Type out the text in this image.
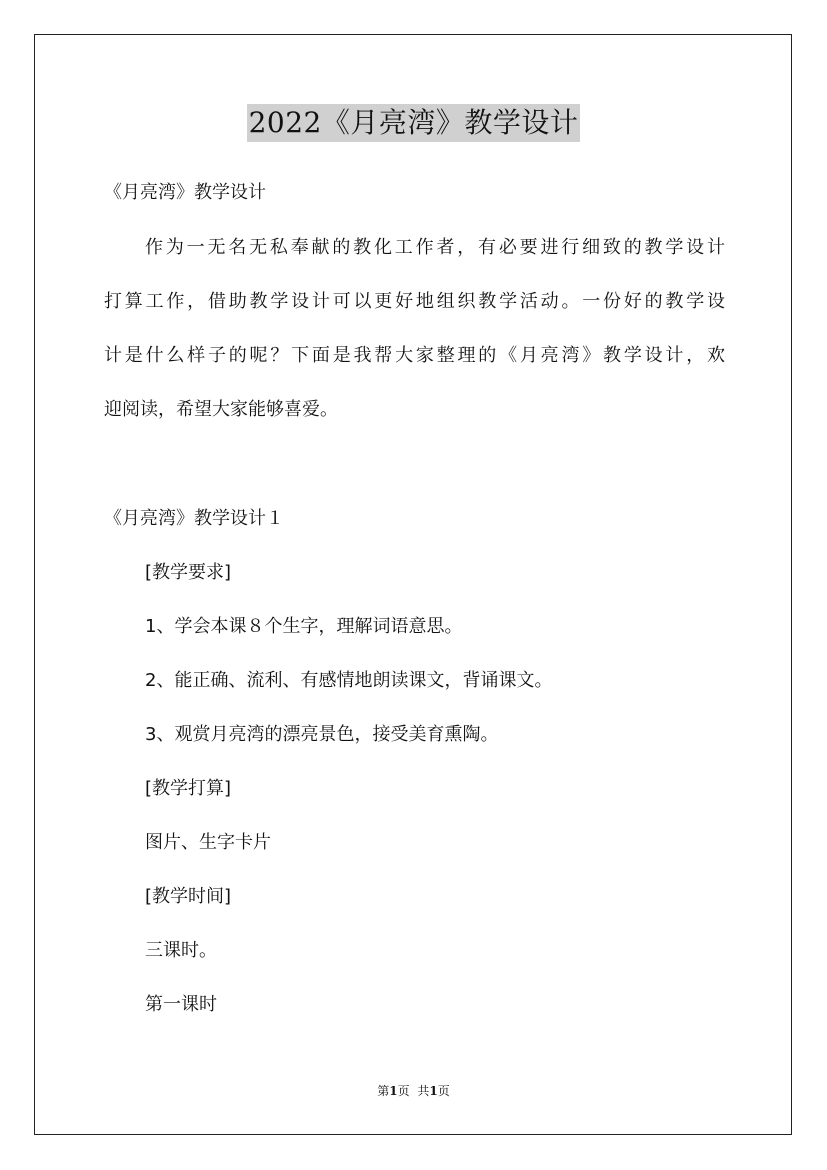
2022《月亮湾》教学设计
《月亮湾》教学设计
作为一无名无私奉献的教化工作者，有必要进行细致的教学设计
打算工作，借助教学设计可以更好地组织教学活动。一份好的教学设
计是什么样子的呢？下面是我帮大家整理的《月亮湾》教学设计，欢
迎阅读，希望大家能够喜爱。
《月亮湾》教学设计１
[教学要求]
1、学会本课８个生字，理解词语意思。
2、能正确、流利、有感情地朗读课文，背诵课文。
3、观赏月亮湾的漂亮景色，接受美育熏陶。
[教学打算]
图片、生字卡片
[教学时间]
三课时。
第一课时
第1页 共1页
